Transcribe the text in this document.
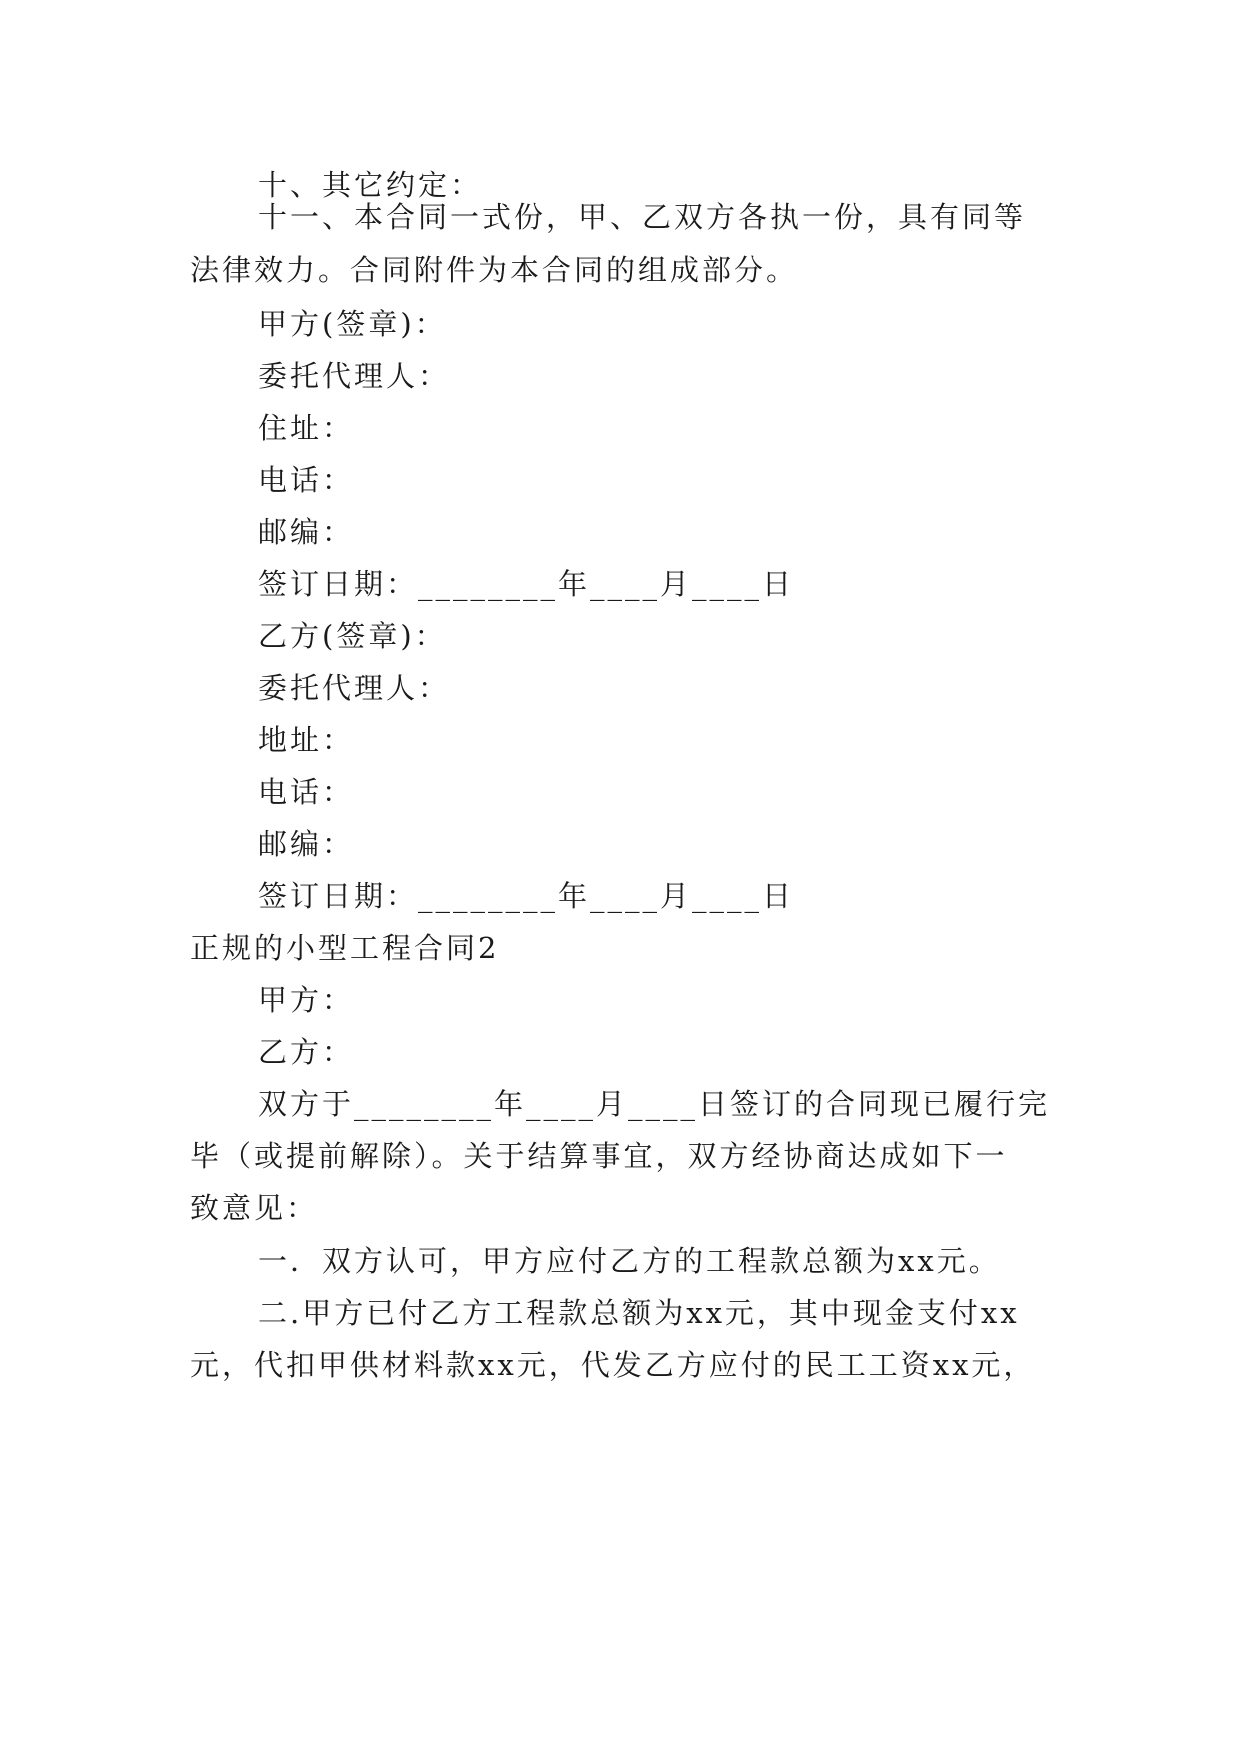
十、其它约定：
十一、本合同一式份，甲、乙双方各执一份，具有同等
法律效力。合同附件为本合同的组成部分。
甲方(签章)：
委托代理人：
住址：
电话：
邮编：
签订日期：________年____月____日
乙方(签章)：
委托代理人：
地址：
电话：
邮编：
签订日期：________年____月____日
正规的小型工程合同2
甲方：
乙方：
双方于________年____月____日签订的合同现已履行完
毕（或提前解除）。关于结算事宜，双方经协商达成如下一
致意见：
一．双方认可，甲方应付乙方的工程款总额为xx元。
二.甲方已付乙方工程款总额为xx元，其中现金支付xx
元，代扣甲供材料款xx元，代发乙方应付的民工工资xx元，
